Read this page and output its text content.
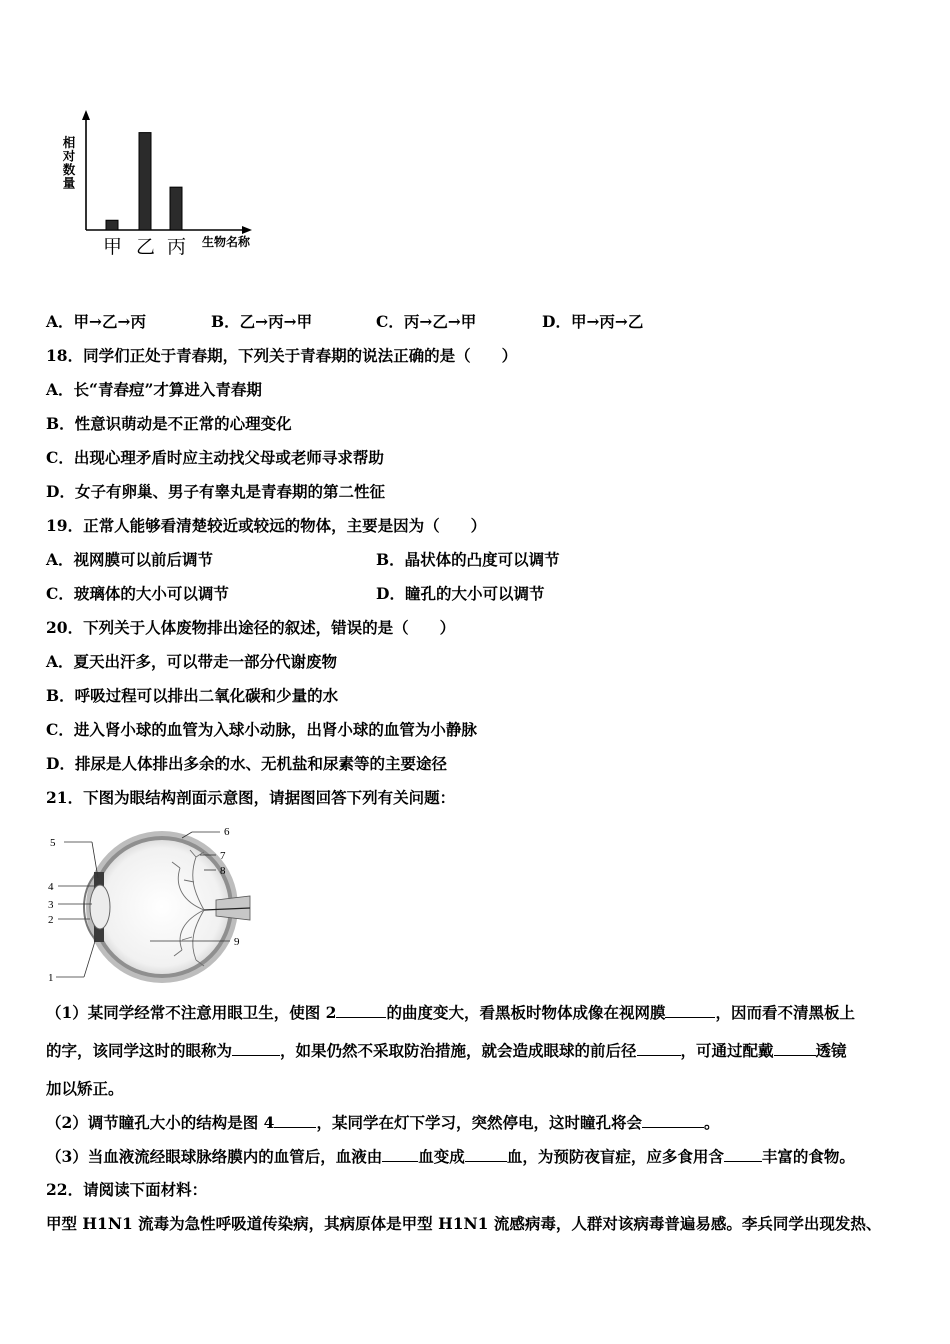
相对数量
甲 乙 丙 生物名称
A．甲→乙→丙	B．乙→丙→甲	C．丙→乙→甲	D．甲→丙→乙
18．同学们正处于青春期，下列关于青春期的说法正确的是（　　）
A．长“青春痘”才算进入青春期
B．性意识萌动是不正常的心理变化
C．出现心理矛盾时应主动找父母或老师寻求帮助
D．女子有卵巢、男子有睾丸是青春期的第二性征
19．正常人能够看清楚较近或较远的物体，主要是因为（　　）
A．视网膜可以前后调节	B．晶状体的凸度可以调节
C．玻璃体的大小可以调节	D．瞳孔的大小可以调节
20．下列关于人体废物排出途径的叙述，错误的是（　　）
A．夏天出汗多，可以带走一部分代谢废物
B．呼吸过程可以排出二氧化碳和少量的水
C．进入肾小球的血管为入球小动脉，出肾小球的血管为小静脉
D．排尿是人体排出多余的水、无机盐和尿素等的主要途径
21．下图为眼结构剖面示意图，请据图回答下列有关问题：
5
4
3
2
1
6
7
8
9
（1）某同学经常不注意用眼卫生，使图 2	的曲度变大，看黑板时物体成像在视网膜	，因而看不清黑板上
的字，该同学这时的眼称为	，如果仍然不采取防治措施，就会造成眼球的前后径	，可通过配戴	透镜
加以矫正。
（2）调节瞳孔大小的结构是图 4	，某同学在灯下学习，突然停电，这时瞳孔将会	。
（3）当血液流经眼球脉络膜内的血管后，血液由 血变成	血，为预防夜盲症，应多食用含 丰富的食物。
22．请阅读下面材料：
甲型 H1N1 流毒为急性呼吸道传染病，其病原体是甲型 H1N1 流感病毒，人群对该病毒普遍易感。李兵同学出现发热、
